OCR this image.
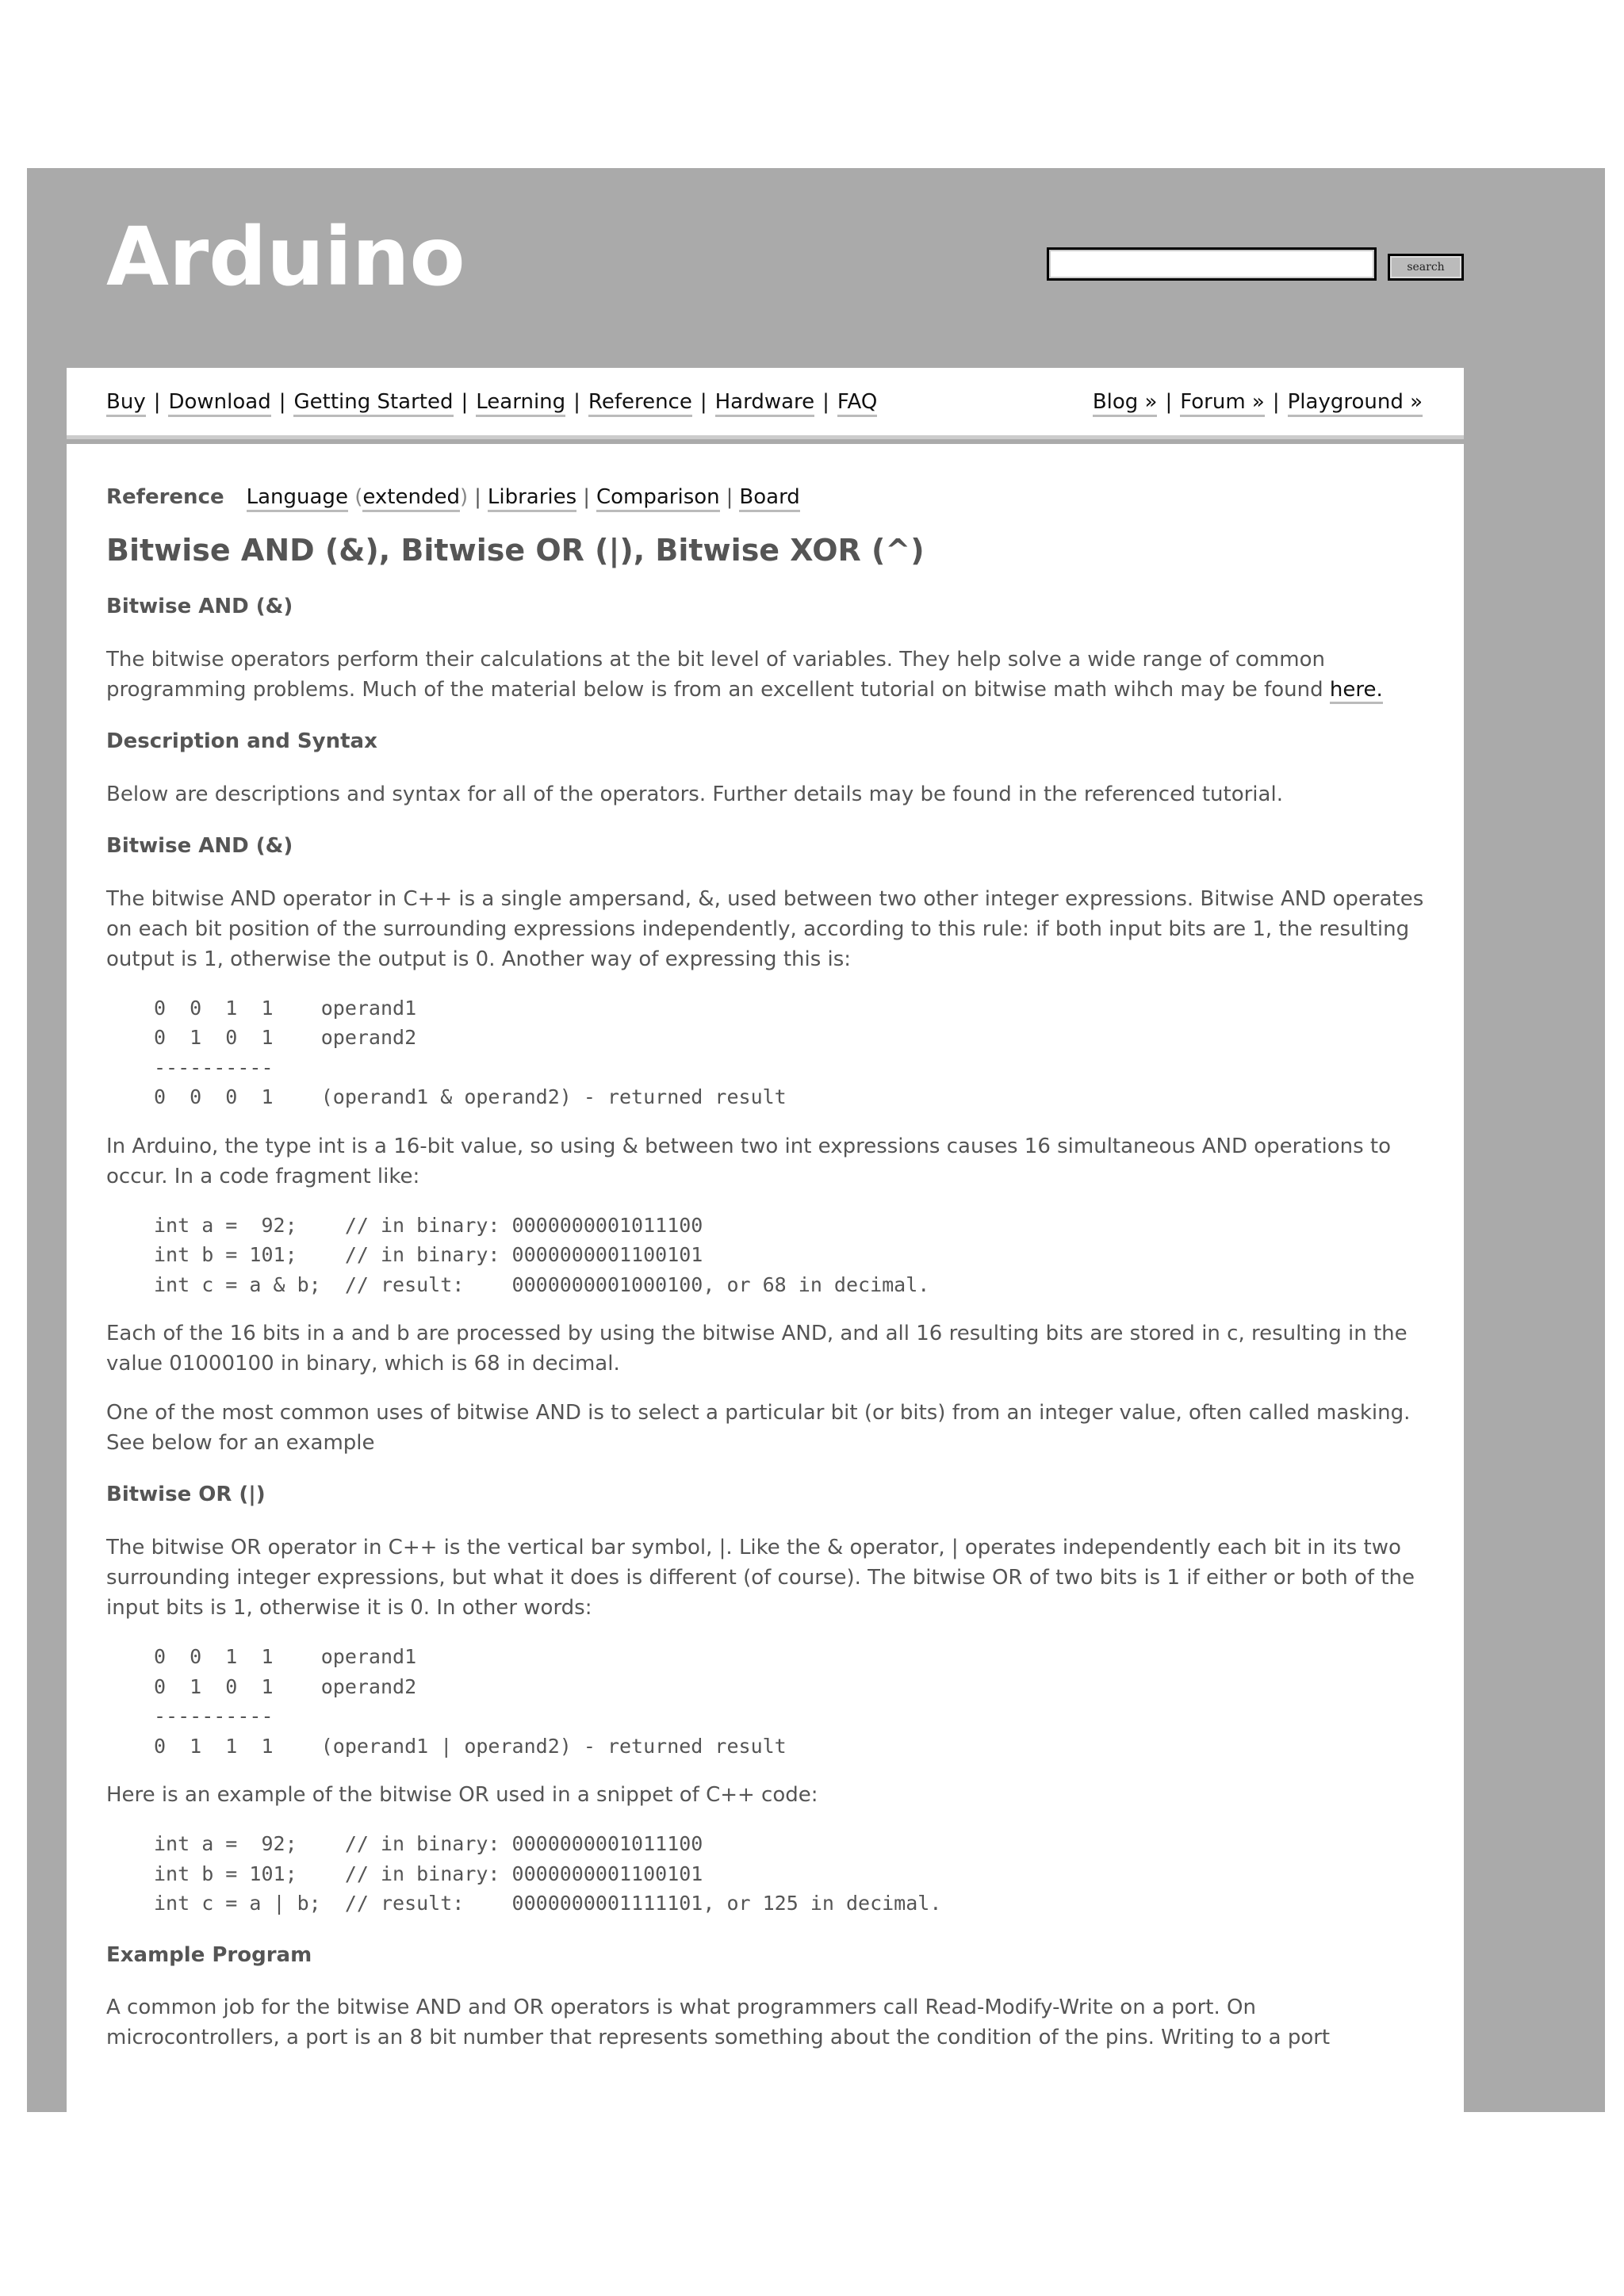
Arduino	search
Buy | Download | Getting Started | Learning | Reference | Hardware | FAQ	Blog » | Forum » | Playground »
Reference Language (extended) | Libraries | Comparison | Board
Bitwise AND (&), Bitwise OR (|), Bitwise XOR (^)
Bitwise AND (&)

The bitwise operators perform their calculations at the bit level of variables. They help solve a wide range of common programming problems. Much of the material below is from an excellent tutorial on bitwise math wihch may be found here.

Description and Syntax

Below are descriptions and syntax for all of the operators. Further details may be found in the referenced tutorial.

Bitwise AND (&)

The bitwise AND operator in C++ is a single ampersand, &, used between two other integer expressions. Bitwise AND operates on each bit position of the surrounding expressions independently, according to this rule: if both input bits are 1, the resulting output is 1, otherwise the output is 0. Another way of expressing this is:

0  0  1  1    operand1
0  1  0  1    operand2
----------
0  0  0  1    (operand1 & operand2) - returned result

In Arduino, the type int is a 16-bit value, so using & between two int expressions causes 16 simultaneous AND operations to occur. In a code fragment like:

int a =  92;    // in binary: 0000000001011100
int b = 101;    // in binary: 0000000001100101
int c = a & b;  // result:    0000000001000100, or 68 in decimal.

Each of the 16 bits in a and b are processed by using the bitwise AND, and all 16 resulting bits are stored in c, resulting in the value 01000100 in binary, which is 68 in decimal.

One of the most common uses of bitwise AND is to select a particular bit (or bits) from an integer value, often called masking. See below for an example

Bitwise OR (|)

The bitwise OR operator in C++ is the vertical bar symbol, |. Like the & operator, | operates independently each bit in its two surrounding integer expressions, but what it does is different (of course). The bitwise OR of two bits is 1 if either or both of the input bits is 1, otherwise it is 0. In other words:

0  0  1  1    operand1
0  1  0  1    operand2
----------
0  1  1  1    (operand1 | operand2) - returned result

Here is an example of the bitwise OR used in a snippet of C++ code:

int a =  92;    // in binary: 0000000001011100
int b = 101;    // in binary: 0000000001100101
int c = a | b;  // result:    0000000001111101, or 125 in decimal.
Example Program

A common job for the bitwise AND and OR operators is what programmers call Read-Modify-Write on a port. On microcontrollers, a port is an 8 bit number that represents something about the condition of the pins. Writing to a port
